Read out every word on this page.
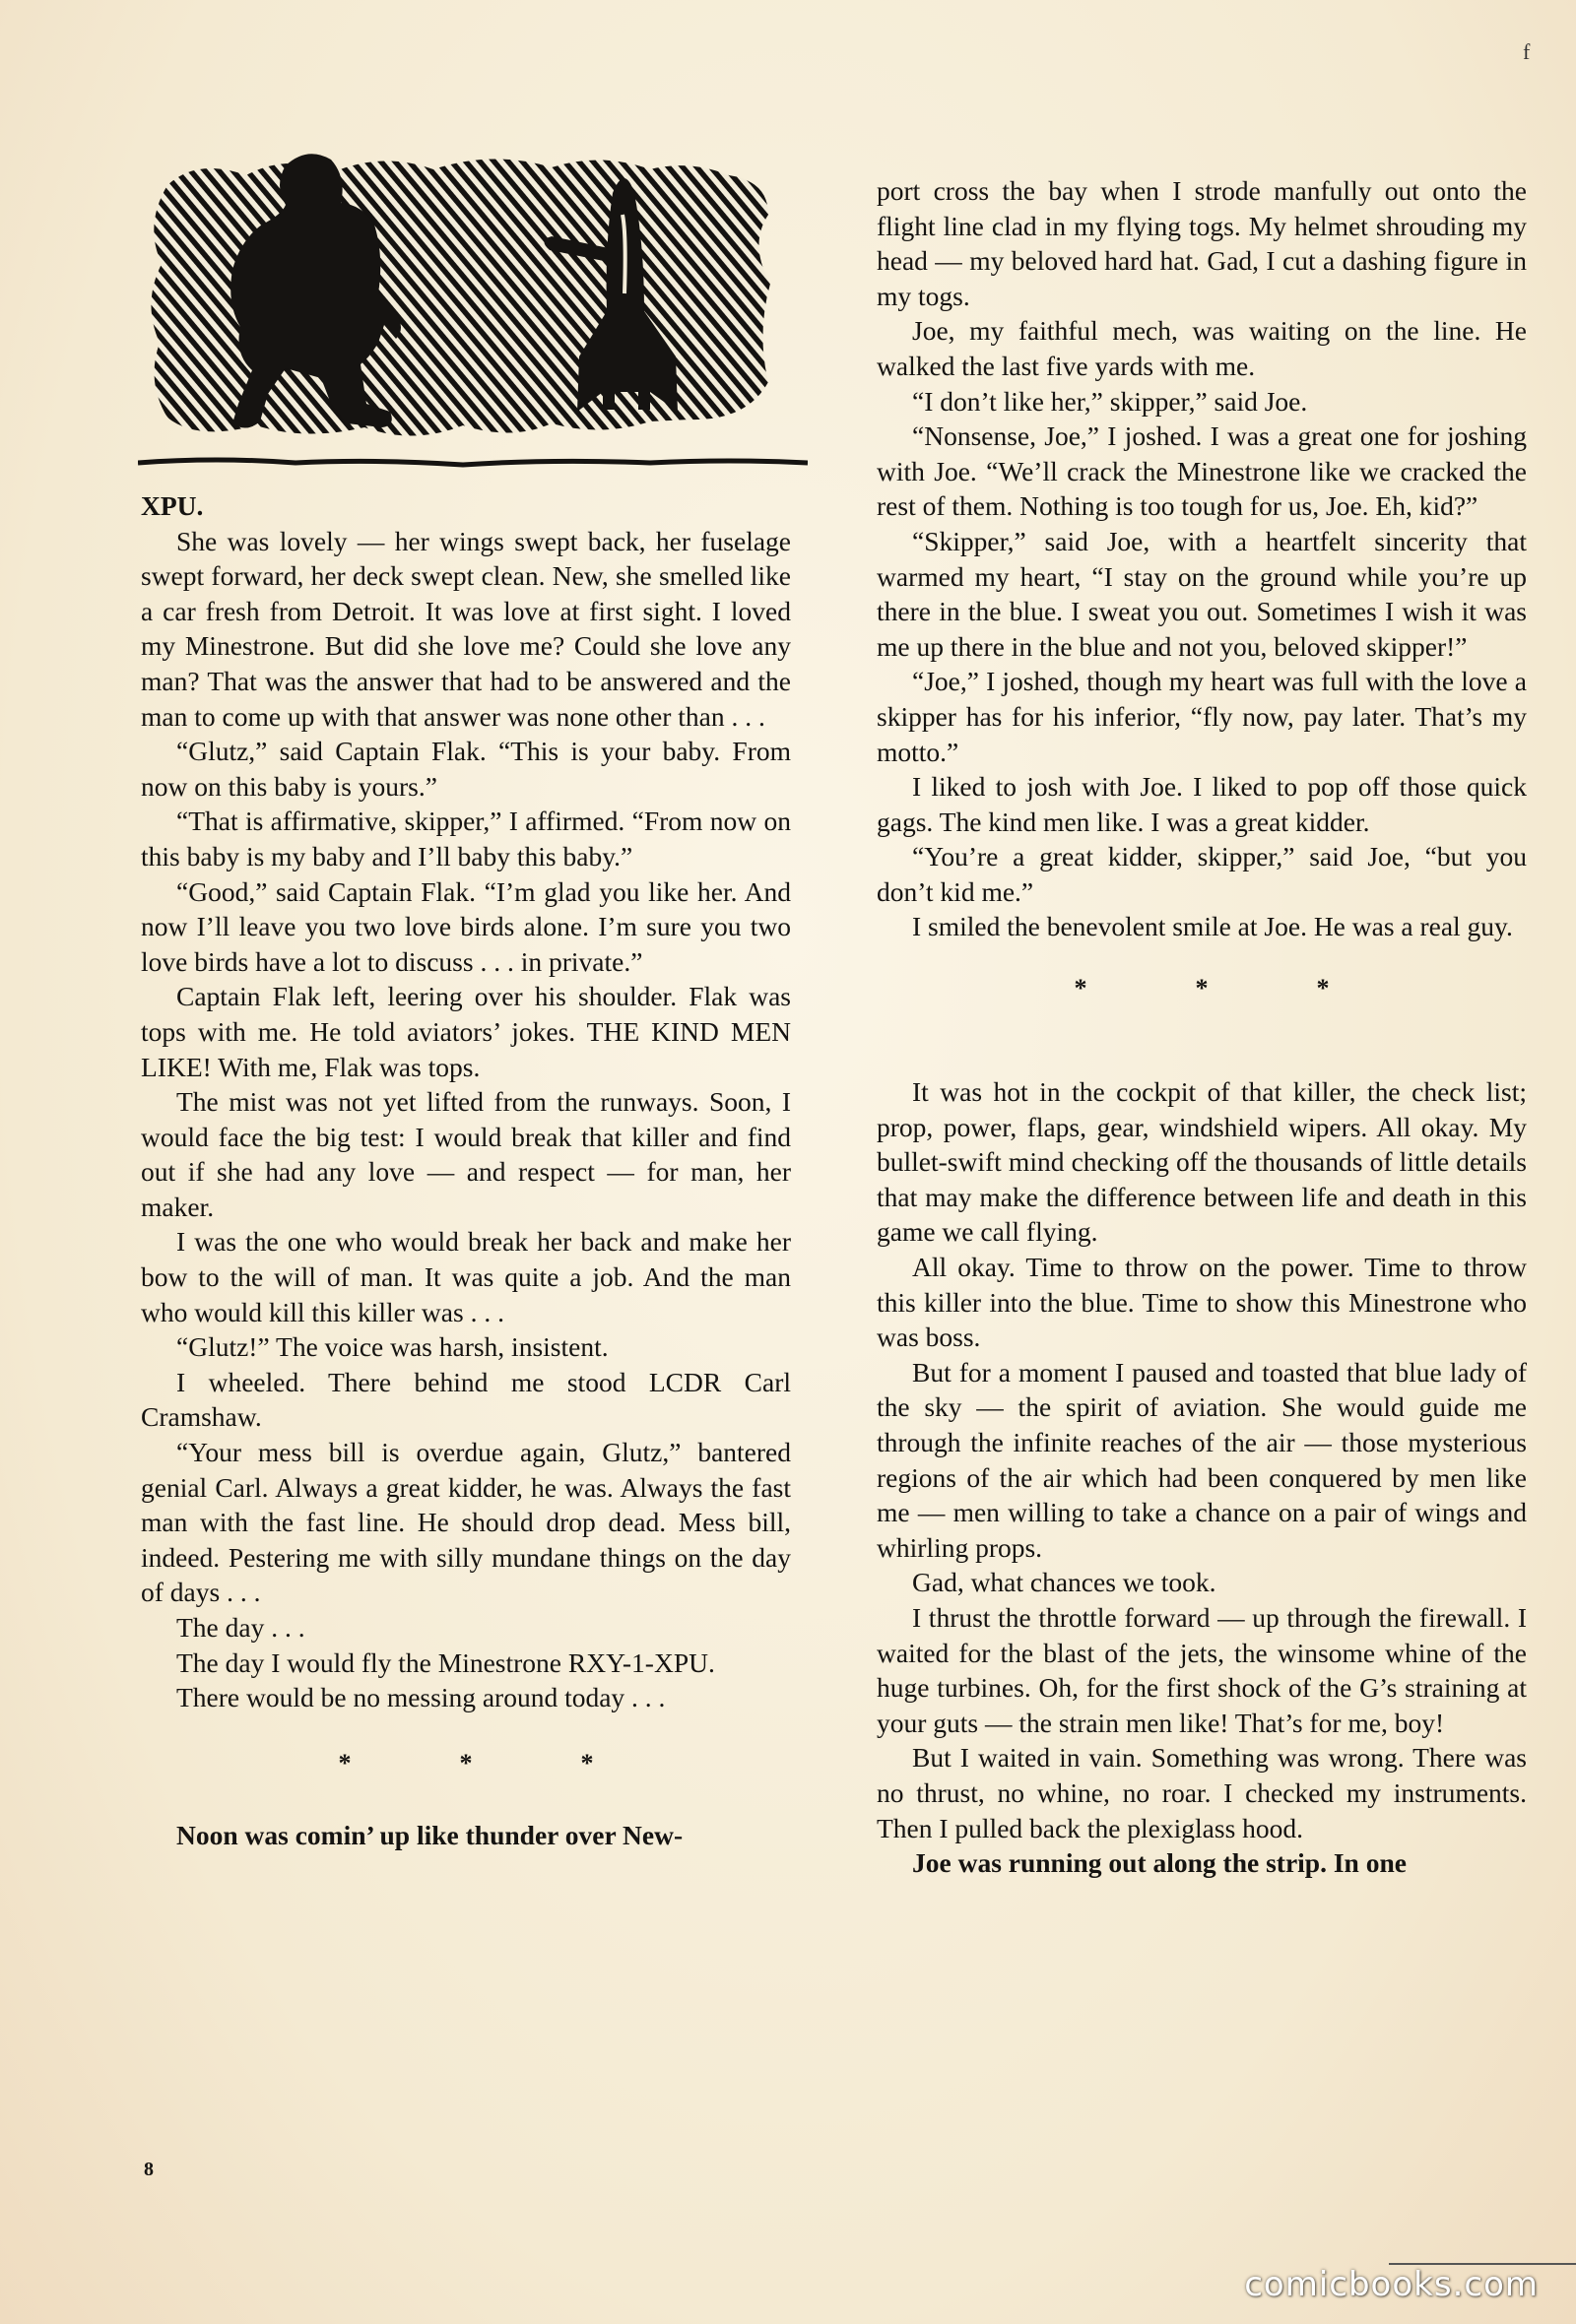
f

XPU.

She was lovely — her wings swept back, her fuselage swept forward, her deck swept clean. New, she smelled like a car fresh from Detroit. It was love at first sight. I loved my Minestrone. But did she love me? Could she love any man? That was the answer that had to be answered and the man to come up with that answer was none other than . . .

“Glutz,” said Captain Flak. “This is your baby. From now on this baby is yours.”

“That is affirmative, skipper,” I affirmed. “From now on this baby is my baby and I’ll baby this baby.”

“Good,” said Captain Flak. “I’m glad you like her. And now I’ll leave you two love birds alone. I’m sure you two love birds have a lot to discuss . . . in private.”

Captain Flak left, leering over his shoulder. Flak was tops with me. He told aviators’ jokes. THE KIND MEN LIKE! With me, Flak was tops.

The mist was not yet lifted from the runways. Soon, I would face the big test: I would break that killer and find out if she had any love — and respect — for man, her maker.

I was the one who would break her back and make her bow to the will of man. It was quite a job. And the man who would kill this killer was . . .

“Glutz!” The voice was harsh, insistent.

I wheeled. There behind me stood LCDR Carl Cramshaw.

“Your mess bill is overdue again, Glutz,” bantered genial Carl. Always a great kidder, he was. Always the fast man with the fast line. He should drop dead. Mess bill, indeed. Pestering me with silly mundane things on the day of days . . .

The day . . .

The day I would fly the Minestrone RXY-1-XPU.

There would be no messing around today . . .

*	*	*

Noon was comin’ up like thunder over New-

port cross the bay when I strode manfully out onto the flight line clad in my flying togs. My helmet shrouding my head — my beloved hard hat. Gad, I cut a dashing figure in my togs.

Joe, my faithful mech, was waiting on the line. He walked the last five yards with me.

“I don’t like her,” skipper,” said Joe.

“Nonsense, Joe,” I joshed. I was a great one for joshing with Joe. “We’ll crack the Minestrone like we cracked the rest of them. Nothing is too tough for us, Joe. Eh, kid?”

“Skipper,” said Joe, with a heartfelt sincerity that warmed my heart, “I stay on the ground while you’re up there in the blue. I sweat you out. Sometimes I wish it was me up there in the blue and not you, beloved skipper!”

“Joe,” I joshed, though my heart was full with the love a skipper has for his inferior, “fly now, pay later. That’s my motto.”

I liked to josh with Joe. I liked to pop off those quick gags. The kind men like. I was a great kidder.

“You’re a great kidder, skipper,” said Joe, “but you don’t kid me.”

I smiled the benevolent smile at Joe. He was a real guy.

*	*	*

It was hot in the cockpit of that killer, the check list; prop, power, flaps, gear, windshield wipers. All okay. My bullet-swift mind checking off the thousands of little details that may make the difference between life and death in this game we call flying.

All okay. Time to throw on the power. Time to throw this killer into the blue. Time to show this Minestrone who was boss.

But for a moment I paused and toasted that blue lady of the sky — the spirit of aviation. She would guide me through the infinite reaches of the air — those mysterious regions of the air which had been conquered by men like me — men willing to take a chance on a pair of wings and whirling props.

Gad, what chances we took.

I thrust the throttle forward — up through the firewall. I waited for the blast of the jets, the winsome whine of the huge turbines. Oh, for the first shock of the G’s straining at your guts — the strain men like! That’s for me, boy!

But I waited in vain. Something was wrong. There was no thrust, no whine, no roar. I checked my instruments. Then I pulled back the plexiglass hood.

Joe was running out along the strip. In one

8
comicbooks.com
